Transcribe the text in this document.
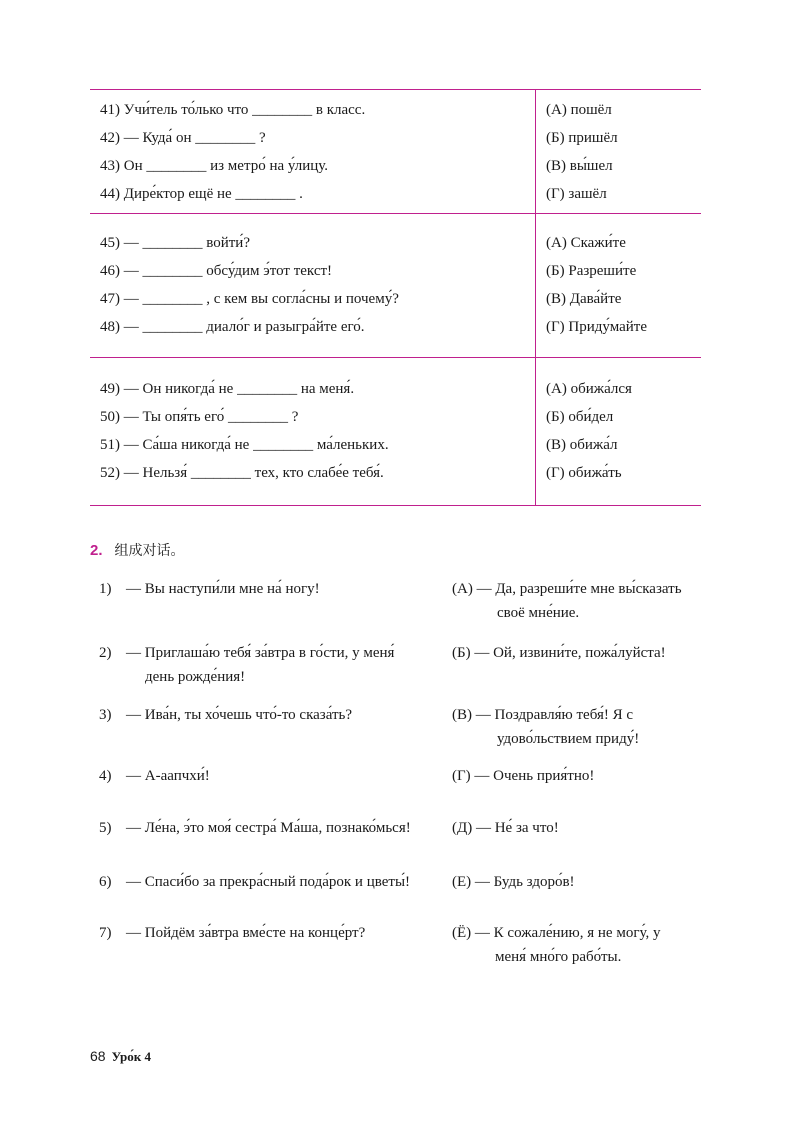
41) Учи́тель то́лько что ________ в класс.
42) — Куда́ он ________ ?
43) Он ________ из метро́ на у́лицу.
44) Дире́ктор ещё не ________ .
(А) пошёл
(Б) пришёл
(В) вы́шел
(Г) зашёл
45) — ________ войти́?
46) — ________ обсу́дим э́тот текст!
47) — ________ , с кем вы согла́сны и почему́?
48) — ________ диало́г и разыгра́йте его́.
(А) Скажи́те
(Б) Разреши́те
(В) Дава́йте
(Г) Приду́майте
49) — Он никогда́ не ________ на меня́.
50) — Ты опя́ть его́ ________ ?
51) — Са́ша никогда́ не ________ ма́леньких.
52) — Нельзя́ ________ тех, кто слабе́е тебя́.
(А) обижа́лся
(Б) оби́дел
(В) обижа́л
(Г) обижа́ть
2. 组成对话。
1) — Вы наступи́ли мне на́ ногу!
2) — Приглаша́ю тебя́ за́втра в го́сти, у меня́
день рожде́ния!
3) — Ива́н, ты хо́чешь что́-то сказа́ть?
4) — А-аапчхи́!
5) — Ле́на, э́то моя́ сестра́ Ма́ша, познако́мься!
6) — Спаси́бо за прекра́сный пода́рок и цветы́!
7) — Пойдём за́втра вме́сте на конце́рт?
(А) — Да, разреши́те мне вы́сказать
своё мне́ние.
(Б) — Ой, извини́те, пожа́луйста!
(В) — Поздравля́ю тебя́! Я с
удово́льствием приду́!
(Г) — Очень прия́тно!
(Д) — Не́ за что!
(Е) — Будь здоро́в!
(Ё) — К сожале́нию, я не могу́, у
меня́ мно́го рабо́ты.
68 Уро́к 4
